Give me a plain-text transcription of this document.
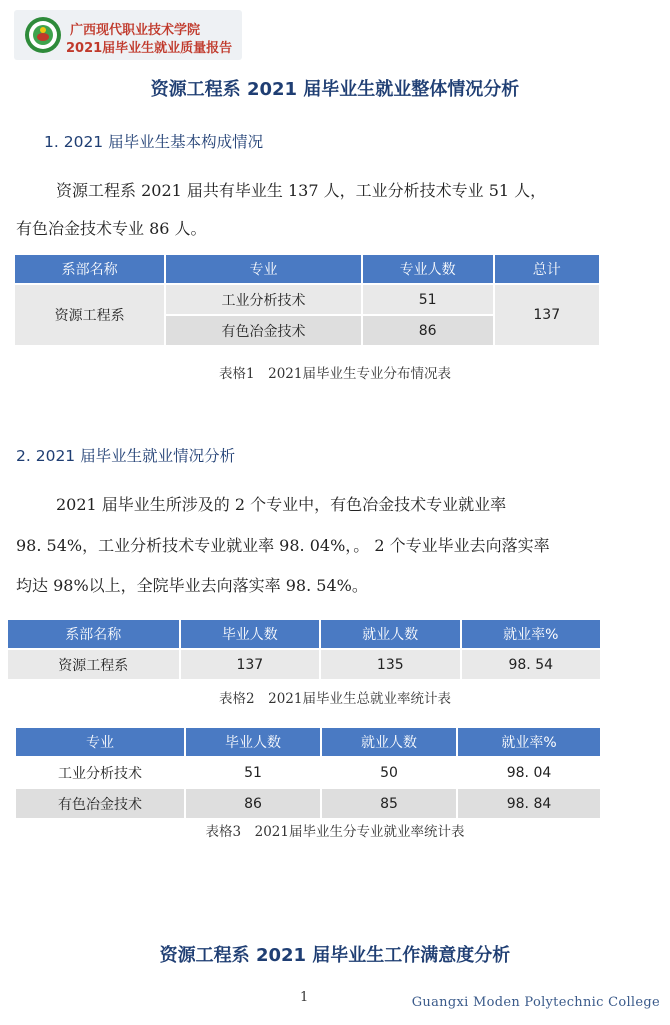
广西现代职业技术学院
2021届毕业生就业质量报告
资源工程系 2021 届毕业生就业整体情况分析
1. 2021 届毕业生基本构成情况
资源工程系 2021 届共有毕业生 137 人，工业分析技术专业 51 人，
有色冶金技术专业 86 人。
系部名称	专业	专业人数	总计
资源工程系	工业分析技术	51	137
	有色冶金技术	86	
表格1　2021届毕业生专业分布情况表
2. 2021 届毕业生就业情况分析
2021 届毕业生所涉及的 2 个专业中，有色冶金技术专业就业率
98. 54%，工业分析技术专业就业率 98. 04%，。 2 个专业毕业去向落实率
均达 98%以上，全院毕业去向落实率 98. 54%。
系部名称	毕业人数	就业人数	就业率%
资源工程系	137	135	98. 54
表格2　2021届毕业生总就业率统计表
专业	毕业人数	就业人数	就业率%
工业分析技术	51	50	98. 04
有色冶金技术	86	85	98. 84
表格3　2021届毕业生分专业就业率统计表
资源工程系 2021 届毕业生工作满意度分析
1	Guangxi Moden Polytechnic College
